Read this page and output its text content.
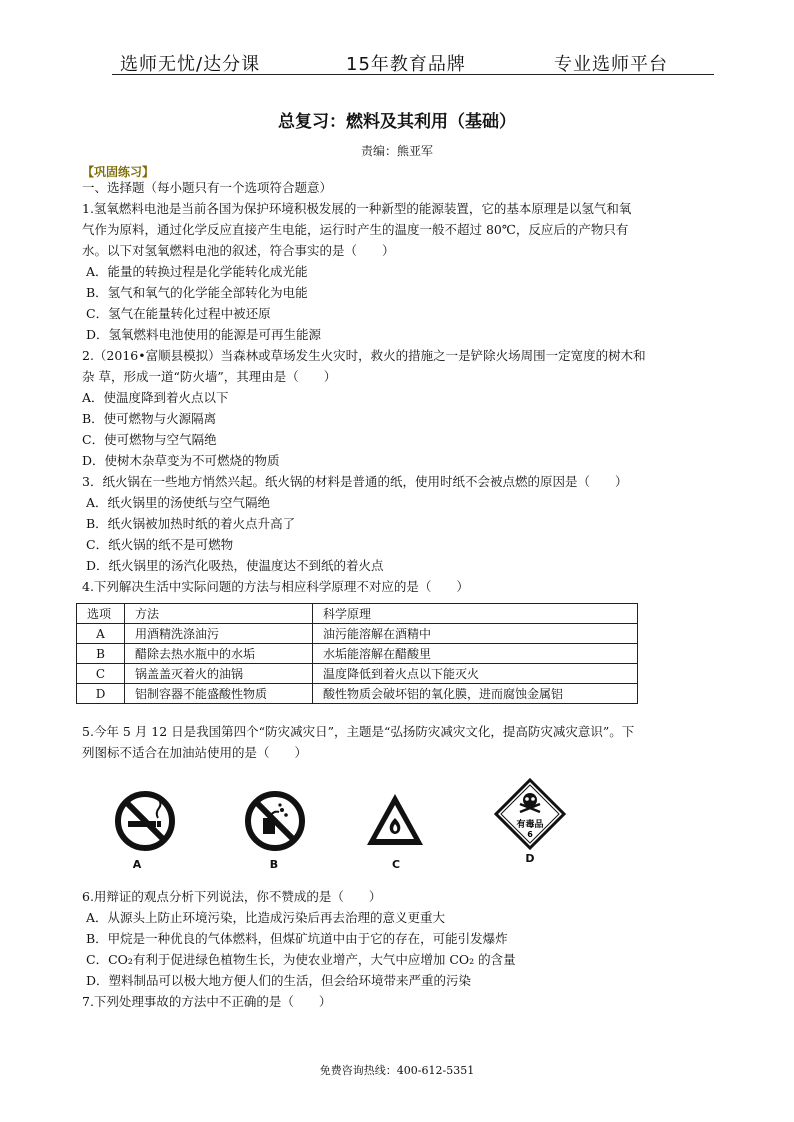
选师无忧/达分课	15年教育品牌	专业选师平台
总复习：燃料及其利用（基础）
责编：熊亚军
【巩固练习】
一、选择题（每小题只有一个选项符合题意）
1.氢氧燃料电池是当前各国为保护环境积极发展的一种新型的能源装置，它的基本原理是以氢气和氧
气作为原料，通过化学反应直接产生电能，运行时产生的温度一般不超过 80℃，反应后的产物只有
水。以下对氢氧燃料电池的叙述，符合事实的是（　　）
A．能量的转换过程是化学能转化成光能
B．氢气和氧气的化学能全部转化为电能
C．氢气在能量转化过程中被还原
D．氢氧燃料电池使用的能源是可再生能源
2.（2016•富顺县模拟）当森林或草场发生火灾时，救火的措施之一是铲除火场周围一定宽度的树木和
杂 草，形成一道“防火墙”，其理由是（　　）
A．使温度降到着火点以下
B．使可燃物与火源隔离
C．使可燃物与空气隔绝
D．使树木杂草变为不可燃烧的物质
3．纸火锅在一些地方悄然兴起。纸火锅的材料是普通的纸，使用时纸不会被点燃的原因是（　　）
A．纸火锅里的汤使纸与空气隔绝
B．纸火锅被加热时纸的着火点升高了
C．纸火锅的纸不是可燃物
D．纸火锅里的汤汽化吸热，使温度达不到纸的着火点
4.下列解决生活中实际问题的方法与相应科学原理不对应的是（　　）
选项	方法	科学原理
A	用酒精洗涤油污	油污能溶解在酒精中
B	醋除去热水瓶中的水垢	水垢能溶解在醋酸里
C	锅盖盖灭着火的油锅	温度降低到着火点以下能灭火
D	铝制容器不能盛酸性物质	酸性物质会破坏铝的氧化膜，进而腐蚀金属铝
5.今年 5 月 12 日是我国第四个“防灾减灾日”，主题是“弘扬防灾减灾文化，提高防灾减灾意识”。下
列图标不适合在加油站使用的是（　　）
A	B	C
有毒品
6
D
6.用辩证的观点分析下列说法，你不赞成的是（　　）
A．从源头上防止环境污染，比造成污染后再去治理的意义更重大
B．甲烷是一种优良的气体燃料，但煤矿坑道中由于它的存在，可能引发爆炸
C．CO₂有利于促进绿色植物生长，为使农业增产，大气中应增加 CO₂ 的含量
D．塑料制品可以极大地方便人们的生活，但会给环境带来严重的污染
7.下列处理事故的方法中不正确的是（　　）
免费咨询热线：400-612-5351
